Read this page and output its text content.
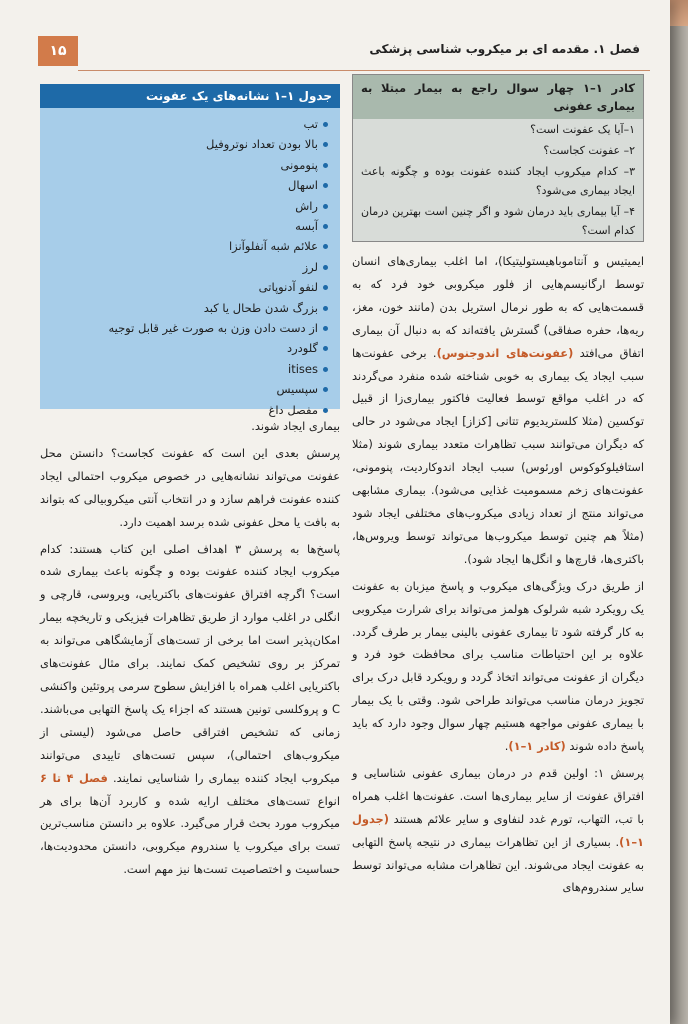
فصل ۱. مقدمه ای بر میکروب شناسی پزشکی
۱۵
کادر ۱–۱ چهار سوال راجع به بیمار مبتلا به بیماری عفونی
۱–آیا یک عفونت است؟
۲– عفونت کجاست؟
۳– کدام میکروب ایجاد کننده عفونت بوده و چگونه باعث ایجاد بیماری می‌شود؟
۴– آیا بیماری باید درمان شود و اگر چنین است بهترین درمان کدام است؟

ایمیتیس و آنتاموباهیستولیتیکا)، اما اغلب بیماری‌های انسان توسط ارگانیسم‌هایی از فلور میکروبی خود فرد که به قسمت‌هایی که به طور نرمال استریل بدن (مانند خون، مغز، ریه‌ها، حفره صفاقی) گسترش یافته‌اند که به دنبال آن بیماری اتفاق می‌افتد (عفونت‌های اندوجنوس). برخی عفونت‌ها سبب ایجاد یک بیماری به خوبی شناخته شده منفرد می‌گردند که در اغلب مواقع توسط فعالیت فاکتور بیماری‌زا از قبیل توکسین (مثلا کلستریدیوم تتانی [کزاز] ایجاد می‌شود در حالی که دیگران می‌توانند سبب تظاهرات متعدد بیماری شوند (مثلا استافیلوکوکوس اورئوس) سبب ایجاد اندوکاردیت، پنومونی، عفونت‌های زخم مسمومیت غذایی می‌شود). بیماری مشابهی می‌تواند منتج از تعداد زیادی میکروب‌های مختلفی ایجاد شود (مثلاً هم چنین توسط میکروب‌ها می‌تواند توسط ویروس‌ها، باکتری‌ها، قارچ‌ها و انگل‌ها ایجاد شود).

از طریق درک ویژگی‌های میکروب و پاسخ میزبان به عفونت یک رویکرد شبه شرلوک هولمز می‌تواند برای شرارت میکروبی به کار گرفته شود تا بیماری عفونی بالینی بیمار بر طرف گردد. علاوه بر این احتیاطات مناسب برای محافظت خود فرد و دیگران از عفونت می‌تواند اتخاذ گردد و رویکرد قابل درک برای تجویز درمان مناسب می‌تواند طراحی شود. وقتی با یک بیمار با بیماری عفونی مواجهه هستیم چهار سوال وجود دارد که باید پاسخ داده شوند (کادر ۱–۱).

پرسش ۱: اولین قدم در درمان بیماری عفونی شناسایی و افتراق عفونت از سایر بیماری‌ها است. عفونت‌ها اغلب همراه با تب، التهاب، تورم غدد لنفاوی و سایر علائم هستند (جدول ۱–۱). بسیاری از این تظاهرات بیماری در نتیجه پاسخ التهابی به عفونت ایجاد می‌شوند. این تظاهرات مشابه می‌تواند توسط سایر سندروم‌های

جدول ۱–۱ نشانه‌های یک عفونت
تب
بالا بودن تعداد نوتروفیل
پنومونی
اسهال
راش
آبسه
علائم شبه آنفلوآنزا
لرز
لنفو آدنوپاتی
بزرگ شدن طحال یا کبد
از دست دادن وزن به صورت غیر قابل توجیه
گلودرد
itises
سپسیس
مفصل داغ

بیماری ایجاد شوند.

پرسش بعدی این است که عفونت کجاست؟ دانستن محل عفونت می‌تواند نشانه‌هایی در خصوص میکروب احتمالی ایجاد کننده عفونت فراهم سازد و در انتخاب آنتی میکروبیالی که بتواند به بافت یا محل عفونی شده برسد اهمیت دارد.

پاسخ‌ها به پرسش ۳ اهداف اصلی این کتاب هستند: کدام میکروب ایجاد کننده عفونت بوده و چگونه باعث بیماری شده است؟ اگرچه افتراق عفونت‌های باکتریایی، ویروسی، قارچی و انگلی در اغلب موارد از طریق تظاهرات فیزیکی و تاریخچه بیمار امکان‌پذیر است اما برخی از تست‌های آزمایشگاهی می‌تواند به تمرکز بر روی تشخیص کمک نمایند. برای مثال عفونت‌های باکتریایی اغلب همراه با افزایش سطوح سرمی پروتئین واکنشی C و پروکلسی تونین هستند که اجزاء یک پاسخ التهابی می‌باشند. زمانی که تشخیص افتراقی حاصل می‌شود (لیستی از میکروب‌های احتمالی)، سپس تست‌های تاییدی می‌توانند میکروب ایجاد کننده بیماری را شناسایی نمایند. فصل ۴ تا ۶ انواع تست‌های مختلف ارایه شده و کاربرد آن‌ها برای هر میکروب مورد بحث قرار می‌گیرد. علاوه بر دانستن مناسب‌ترین تست برای میکروب یا سندروم میکروبی، دانستن محدودیت‌ها، حساسیت و اختصاصیت تست‌ها نیز مهم است.
